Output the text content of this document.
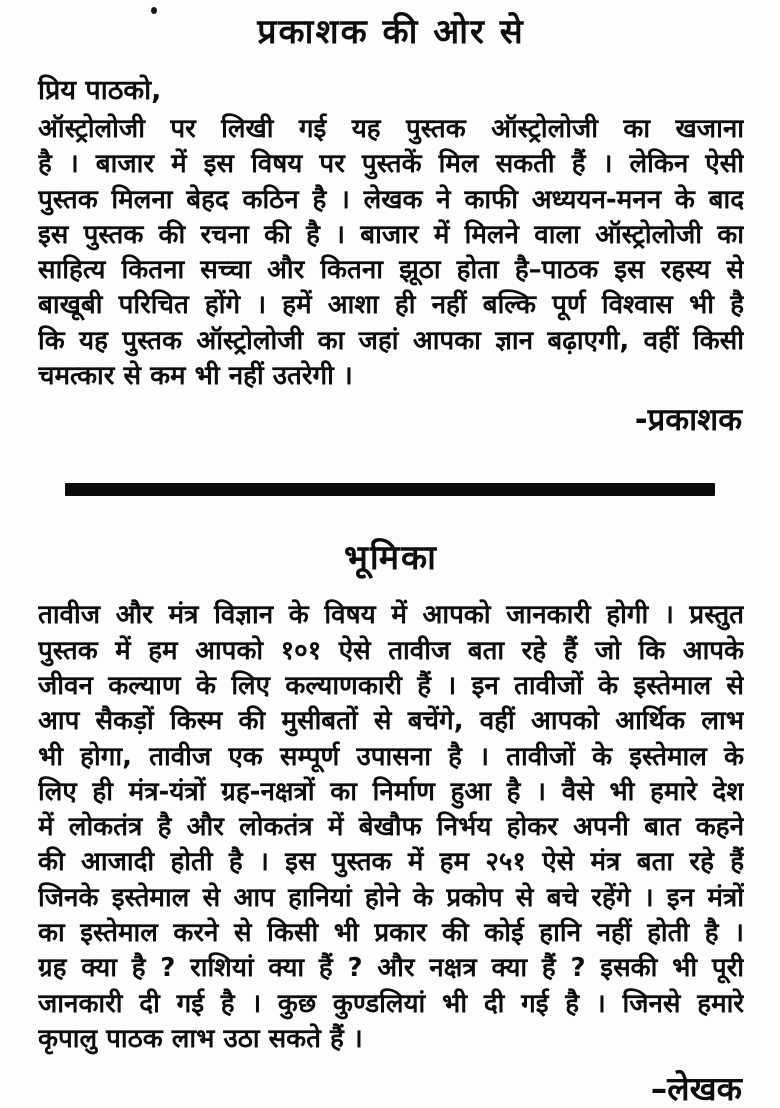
प्रकाशक की ओर से
प्रिय पाठको,
ऑस्ट्रोलोजी पर लिखी गई यह पुस्तक ऑस्ट्रोलोजी का खजाना
है । बाजार में इस विषय पर पुस्तकें मिल सकती हैं । लेकिन ऐसी
पुस्तक मिलना बेहद कठिन है । लेखक ने काफी अध्ययन-मनन के बाद
इस पुस्तक की रचना की है । बाजार में मिलने वाला ऑस्ट्रोलोजी का
साहित्य कितना सच्चा और कितना झूठा होता है–पाठक इस रहस्य से
बाखूबी परिचित होंगे । हमें आशा ही नहीं बल्कि पूर्ण विश्वास भी है
कि यह पुस्तक ऑस्ट्रोलोजी का जहां आपका ज्ञान बढ़ाएगी, वहीं किसी
चमत्कार से कम भी नहीं उतरेगी ।
-प्रकाशक
भूमिका
तावीज और मंत्र विज्ञान के विषय में आपको जानकारी होगी । प्रस्तुत
पुस्तक में हम आपको १०१ ऐसे तावीज बता रहे हैं जो कि आपके
जीवन कल्याण के लिए कल्याणकारी हैं । इन तावीजों के इस्तेमाल से
आप सैकड़ों किस्म की मुसीबतों से बचेंगे, वहीं आपको आर्थिक लाभ
भी होगा, तावीज एक सम्पूर्ण उपासना है । तावीजों के इस्तेमाल के
लिए ही मंत्र-यंत्रों ग्रह-नक्षत्रों का निर्माण हुआ है । वैसे भी हमारे देश
में लोकतंत्र है और लोकतंत्र में बेखौफ निर्भय होकर अपनी बात कहने
की आजादी होती है । इस पुस्तक में हम २५१ ऐसे मंत्र बता रहे हैं
जिनके इस्तेमाल से आप हानियां होने के प्रकोप से बचे रहेंगे । इन मंत्रों
का इस्तेमाल करने से किसी भी प्रकार की कोई हानि नहीं होती है ।
ग्रह क्या है ? राशियां क्या हैं ? और नक्षत्र क्या हैं ? इसकी भी पूरी
जानकारी दी गई है । कुछ कुण्डलियां भी दी गई है । जिनसे हमारे
कृपालु पाठक लाभ उठा सकते हैं ।
–लेखक
